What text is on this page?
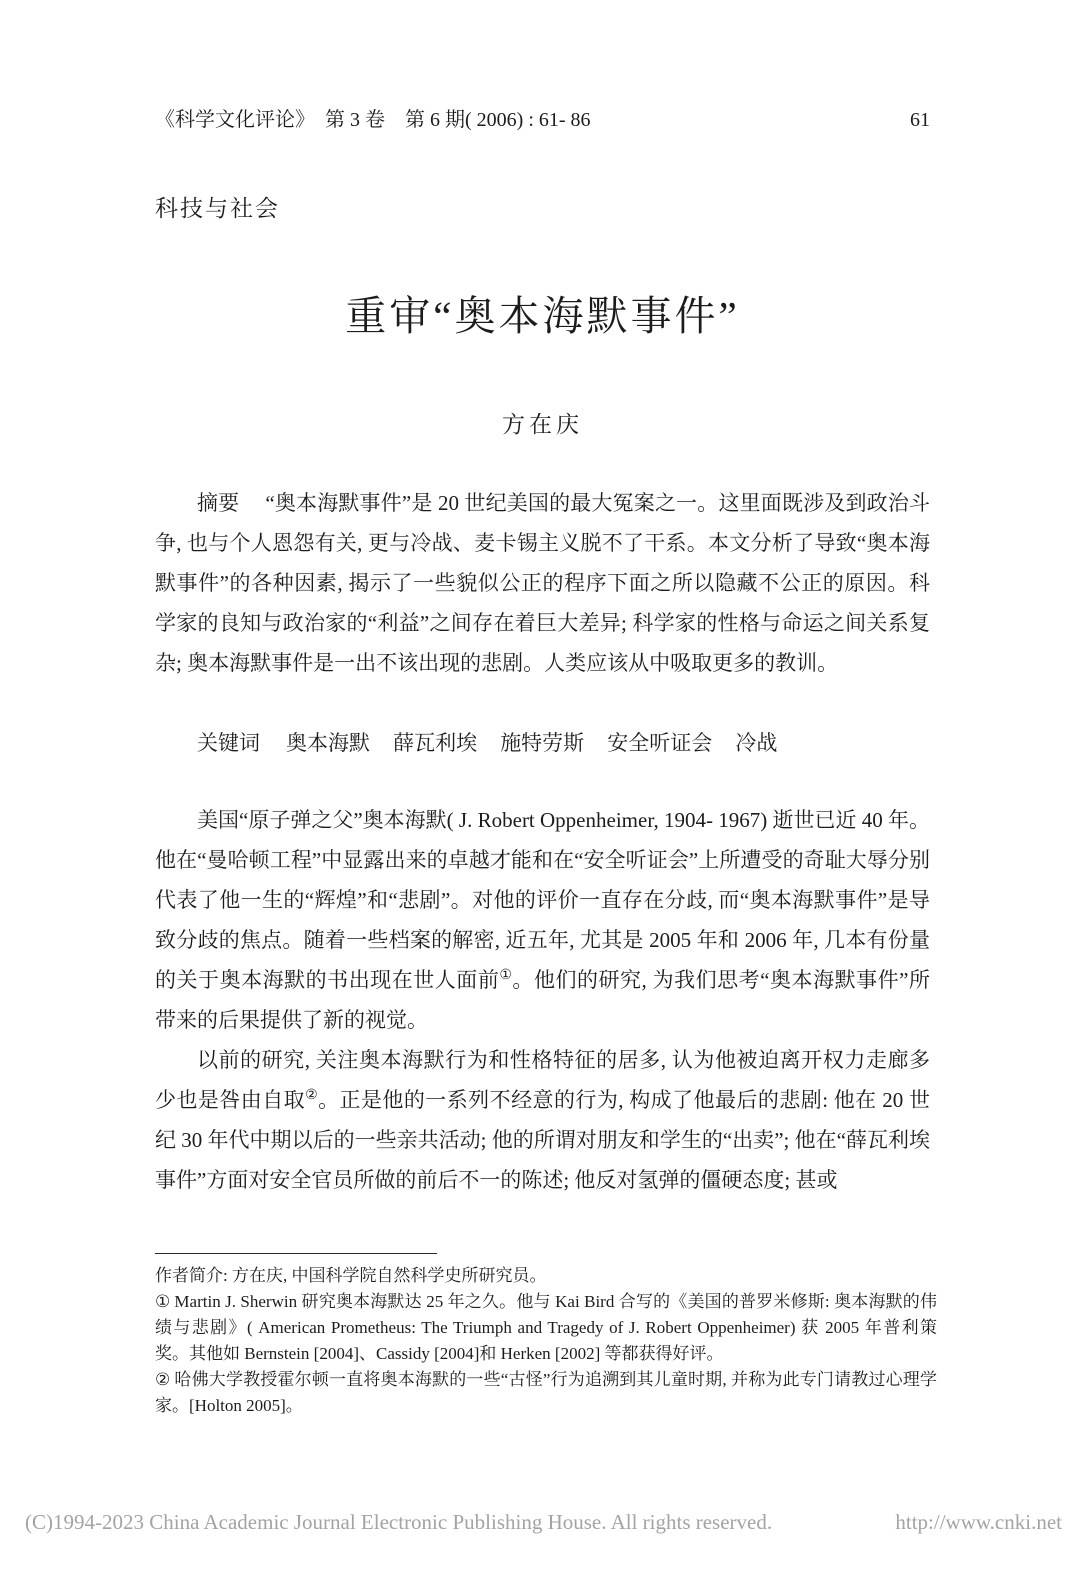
《科学文化评论》　第 3 卷　第 6 期( 2006) : 61- 86	61
科技与社会
重审“奥本海默事件”
方在庆

摘要 “奥本海默事件”是 20 世纪美国的最大冤案之一。这里面既涉及到政治斗争, 也与个人恩怨有关, 更与冷战、麦卡锡主义脱不了干系。本文分析了导致“奥本海默事件”的各种因素, 揭示了一些貌似公正的程序下面之所以隐藏不公正的原因。科学家的良知与政治家的“利益”之间存在着巨大差异; 科学家的性格与命运之间关系复杂; 奥本海默事件是一出不该出现的悲剧。人类应该从中吸取更多的教训。

关键词 奥本海默 薛瓦利埃 施特劳斯 安全听证会 冷战

美国“原子弹之父”奥本海默( J. Robert Oppenheimer, 1904- 1967) 逝世已近 40 年。他在“曼哈顿工程”中显露出来的卓越才能和在“安全听证会”上所遭受的奇耻大辱分别代表了他一生的“辉煌”和“悲剧”。对他的评价一直存在分歧, 而“奥本海默事件”是导致分歧的焦点。随着一些档案的解密, 近五年, 尤其是 2005 年和 2006 年, 几本有份量的关于奥本海默的书出现在世人面前①。他们的研究, 为我们思考“奥本海默事件”所带来的后果提供了新的视觉。

以前的研究, 关注奥本海默行为和性格特征的居多, 认为他被迫离开权力走廊多少也是咎由自取②。正是他的一系列不经意的行为, 构成了他最后的悲剧: 他在 20 世纪 30 年代中期以后的一些亲共活动; 他的所谓对朋友和学生的“出卖”; 他在“薛瓦利埃事件”方面对安全官员所做的前后不一的陈述; 他反对氢弹的僵硬态度; 甚或

作者简介: 方在庆, 中国科学院自然科学史所研究员。
① Martin J. Sherwin 研究奥本海默达 25 年之久。他与 Kai Bird 合写的《美国的普罗米修斯: 奥本海默的伟绩与悲剧》( American Prometheus: The Triumph and Tragedy of J. Robert Oppenheimer) 获 2005 年普利策奖。其他如 Bernstein [2004]、Cassidy [2004]和 Herken [2002] 等都获得好评。
② 哈佛大学教授霍尔顿一直将奥本海默的一些“古怪”行为追溯到其儿童时期, 并称为此专门请教过心理学家。[Holton 2005]。
(C)1994-2023 China Academic Journal Electronic Publishing House. All rights reserved.	http://www.cnki.net
